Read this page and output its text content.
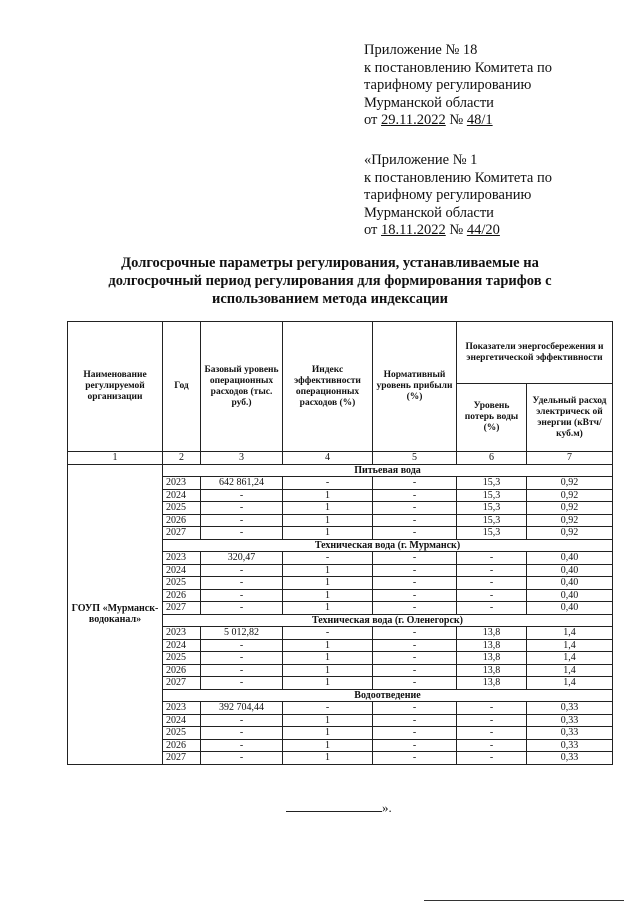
Приложение № 18
к постановлению Комитета по
тарифному регулированию
Мурманской области
от 29.11.2022 № 48/1
«Приложение № 1
к постановлению Комитета по
тарифному регулированию
Мурманской области
от 18.11.2022 № 44/20
Долгосрочные параметры регулирования, устанавливаемые на
долгосрочный период регулирования для формирования тарифов с
использованием метода индексации
Наименование регулируемой организации	Год	Базовый уровень операционных расходов (тыс. руб.)	Индекс эффективности операционных расходов (%)	Нормативный уровень прибыли (%)	Показатели энергосбережения и энергетической эффективности	
					Уровень потерь воды (%)	Удельный расход электрическ ой энергии (кВтч/куб.м)
1	2	3	4	5	6	7
ГОУП «Мурманск-водоканал»	Питьевая вода					
	2023	642 861,24	-	-	15,3	0,92
	2024	-	1	-	15,3	0,92
	2025	-	1	-	15,3	0,92
	2026	-	1	-	15,3	0,92
	2027	-	1	-	15,3	0,92
	Техническая вода (г. Мурманск)					
	2023	320,47	-	-	-	0,40
	2024	-	1	-	-	0,40
	2025	-	1	-	-	0,40
	2026	-	1	-	-	0,40
	2027	-	1	-	-	0,40
	Техническая вода (г. Оленегорск)					
	2023	5 012,82	-	-	13,8	1,4
	2024	-	1	-	13,8	1,4
	2025	-	1	-	13,8	1,4
	2026	-	1	-	13,8	1,4
	2027	-	1	-	13,8	1,4
	Водоотведение					
	2023	392 704,44	-	-	-	0,33
	2024	-	1	-	-	0,33
	2025	-	1	-	-	0,33
	2026	-	1	-	-	0,33
	2027	-	1	-	-	0,33
».
